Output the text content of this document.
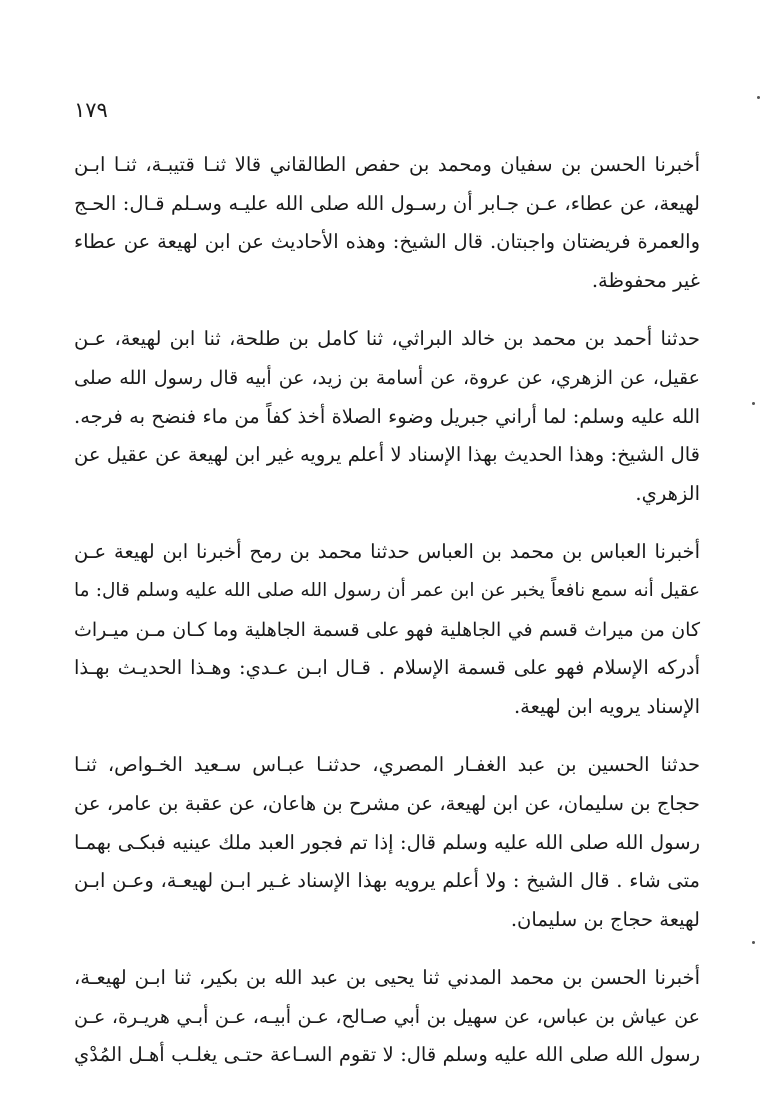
١٧٩

أخبرنا الحسن بن سفيان ومحمد بن حفص الطالقاني قالا ثنـا قتيبـة، ثنـا ابـن
لهيعة، عن عطاء، عـن جـابر أن رسـول الله صلى الله عليـه وسـلم قـال: الحـج
والعمرة فريضتان واجبتان. قال الشيخ: وهذه الأحاديث عن ابن لهيعة عن عطاء
غير محفوظة.

حدثنا أحمد بن محمد بن خالد البراثي، ثنا كامل بن طلحة، ثنا ابن لهيعة، عـن
عقيل، عن الزهري، عن عروة، عن أسامة بن زيد، عن أبيه قال رسول الله صلى
الله عليه وسلم: لما أراني جبريل وضوء الصلاة أخذ كفاً من ماء فنضح به فرجه.
قال الشيخ: وهذا الحديث بهذا الإسناد لا أعلم يرويه غير ابن لهيعة عن عقيل عن
الزهري.

أخبرنا العباس بن محمد بن العباس حدثنا محمد بن رمح أخبرنا ابن لهيعة عـن
عقيل أنه سمع نافعاً يخبر عن ابن عمر أن رسول الله صلى الله عليه وسلم قال: ما
كان من ميراث قسم في الجاهلية فهو على قسمة الجاهلية وما كـان مـن ميـراث
أدركه الإسلام فهو على قسمة الإسلام . قـال ابـن عـدي: وهـذا الحديـث بهـذا
الإسناد يرويه ابن لهيعة.

حدثنا الحسين بن عبد الغفـار المصري، حدثنـا عبـاس سـعيد الخـواص، ثنـا
حجاج بن سليمان، عن ابن لهيعة، عن مشرح بن هاعان، عن عقبة بن عامر، عن
رسول الله صلى الله عليه وسلم قال: إذا تم فجور العبد ملك عينيه فبكـى بهمـا
متى شاء . قال الشيخ : ولا أعلم يرويه بهذا الإسناد غـير ابـن لهيعـة، وعـن ابـن
لهيعة حجاج بن سليمان.

أخبرنا الحسن بن محمد المدني ثنا يحيى بن عبد الله بن بكير، ثنا ابـن لهيعـة،
عن عياش بن عباس، عن سهيل بن أبي صـالح، عـن أبيـه، عـن أبـي هريـرة، عـن
رسول الله صلى الله عليه وسلم قال: لا تقوم السـاعة حتـى يغلـب أهـل المُدْي
